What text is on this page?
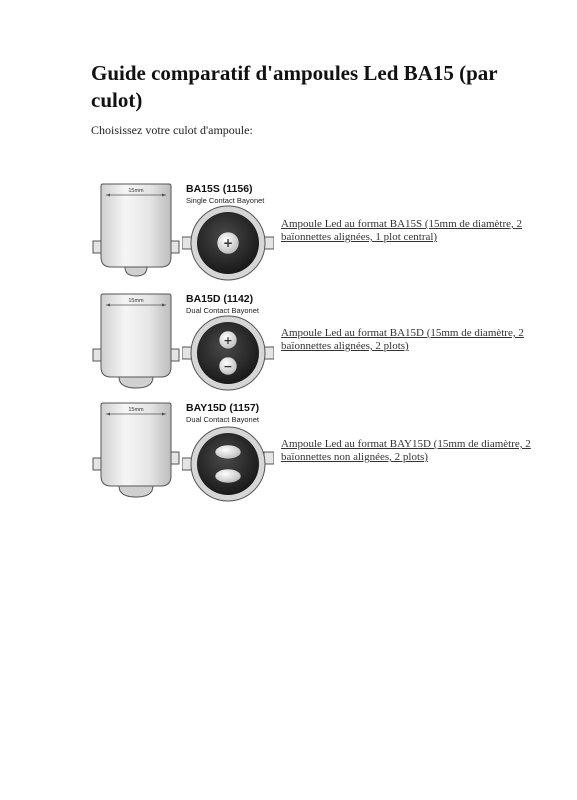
Guide comparatif d'ampoules Led BA15 (par culot)
Choisissez votre culot d'ampoule:
15mm
+
BA15S (1156)
Single Contact Bayonet
Ampoule Led au format BA15S (15mm de diamètre, 2 baïonnettes alignées, 1 plot central)
15mm
+
−
BA15D (1142)
Dual Contact Bayonet
Ampoule Led au format BA15D (15mm de diamètre, 2 baïonnettes alignées, 2 plots)
15mm	BAY15D (1157)
Dual Contact Bayonet
Ampoule Led au format BAY15D (15mm de diamètre, 2 baïonnettes non alignées, 2 plots)
